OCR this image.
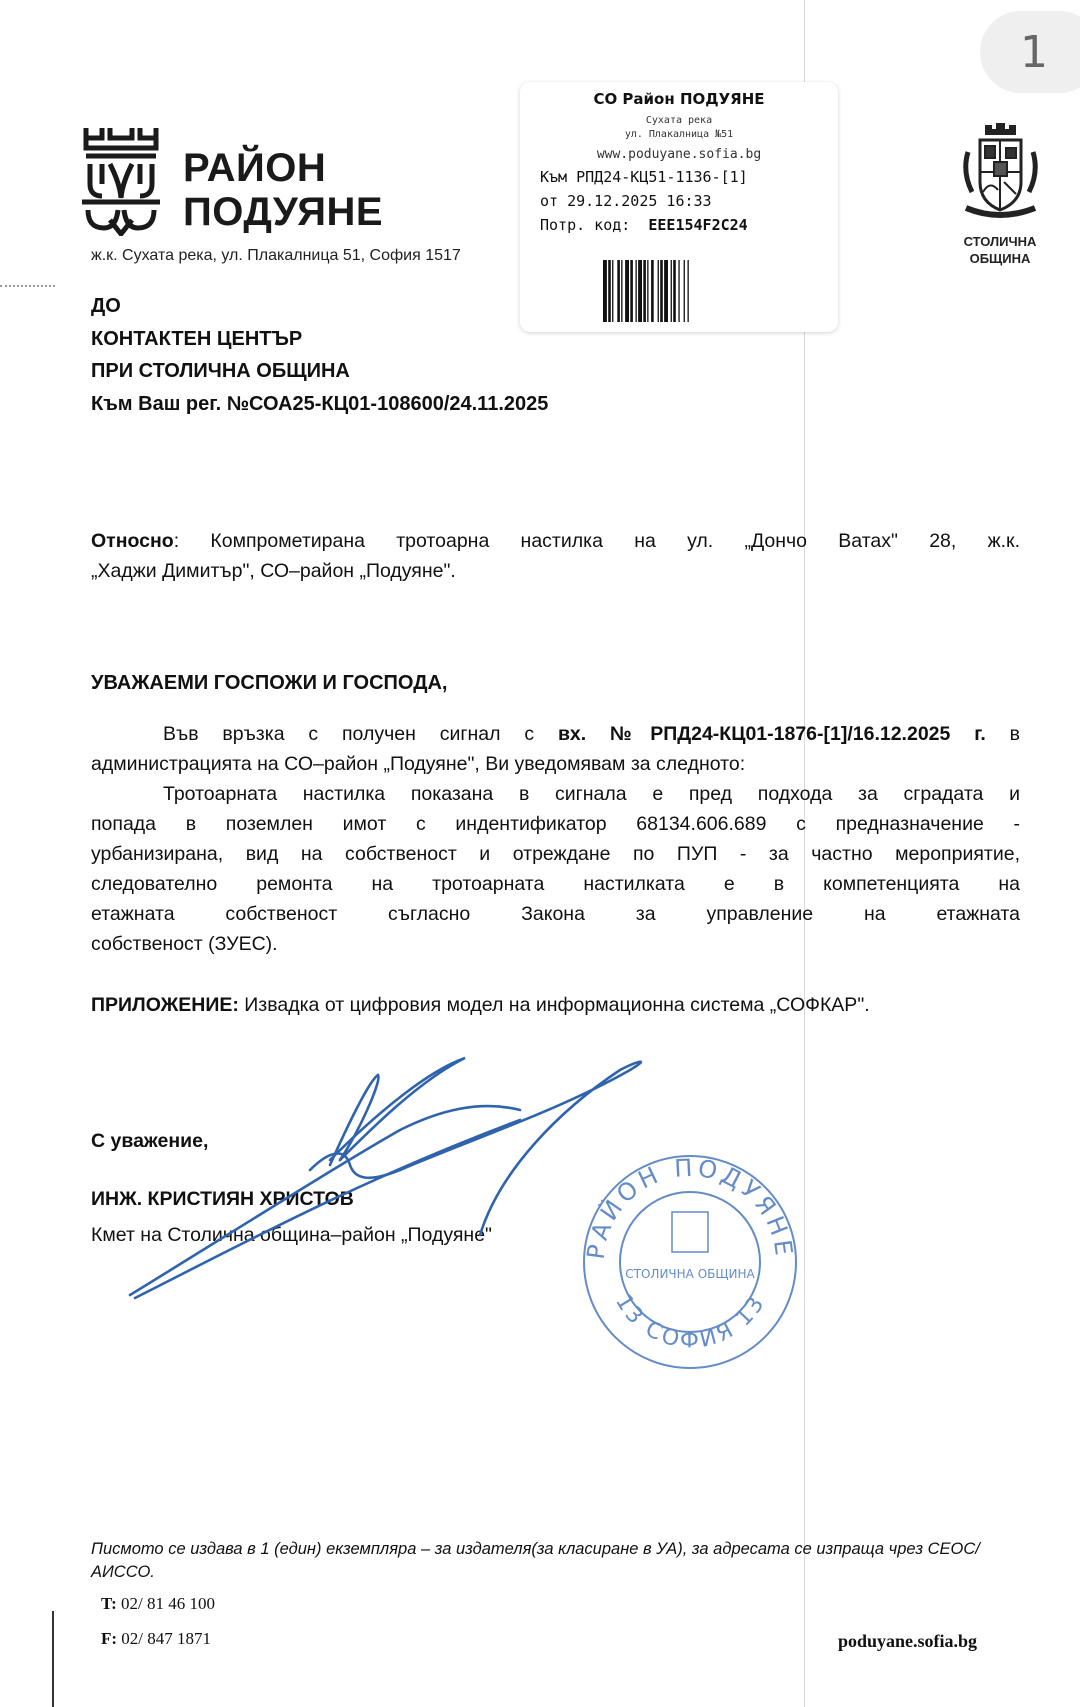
1
РАЙОН
ПОДУЯНЕ
ж.к. Сухата река, ул. Плакалница 51, София 1517
СО Район ПОДУЯНЕ
Сухата река
ул. Плакалница №51
www.poduyane.sofia.bg
Към РПД24-КЦ51-1136-[1]
от 29.12.2025 16:33
Потр. код: EEE154F2C24
СТОЛИЧНА
ОБЩИНА
ДО
КОНТАКТЕН ЦЕНТЪР
ПРИ СТОЛИЧНА ОБЩИНА
Към Ваш рег. №СОА25-КЦ01-108600/24.11.2025
Относно: Компрометирана тротоарна настилка на ул. „Дончо Ватах" 28, ж.к.
„Хаджи Димитър", СО–район „Подуяне".
УВАЖАЕМИ ГОСПОЖИ И ГОСПОДА,
Във връзка с получен сигнал с вх. №РПД24-КЦ01-1876-[1]/16.12.2025 г. в
администрацията на СО–район „Подуяне", Ви уведомявам за следното:
Тротоарната настилка показана в сигнала е пред подхода за сградата и
попада в поземлен имот с индентификатор 68134.606.689 с предназначение -
урбанизирана, вид на собственост и отреждане по ПУП - за частно мероприятие,
следователно ремонта на тротоарната настилката е в компетенцията на
етажната собственост съгласно Закона за управление на етажната
собственост (ЗУЕС).
ПРИЛОЖЕНИЕ: Извадка от цифровия модел на информационна система „СОФКАР".
С уважение,
ИНЖ. КРИСТИЯН ХРИСТОВ
Кмет на Столична община–район „Подуяне"
РАЙОН ПОДУЯНЕ
13 СОФИЯ 13
СТОЛИЧНА ОБЩИНА
Писмото се издава в 1 (един) екземпляра – за издателя(за класиране в УА), за адресата се изпраща чрез СЕОС/АИССО.
T: 02/ 81 46 100
F: 02/ 847 1871	poduyane.sofia.bg
